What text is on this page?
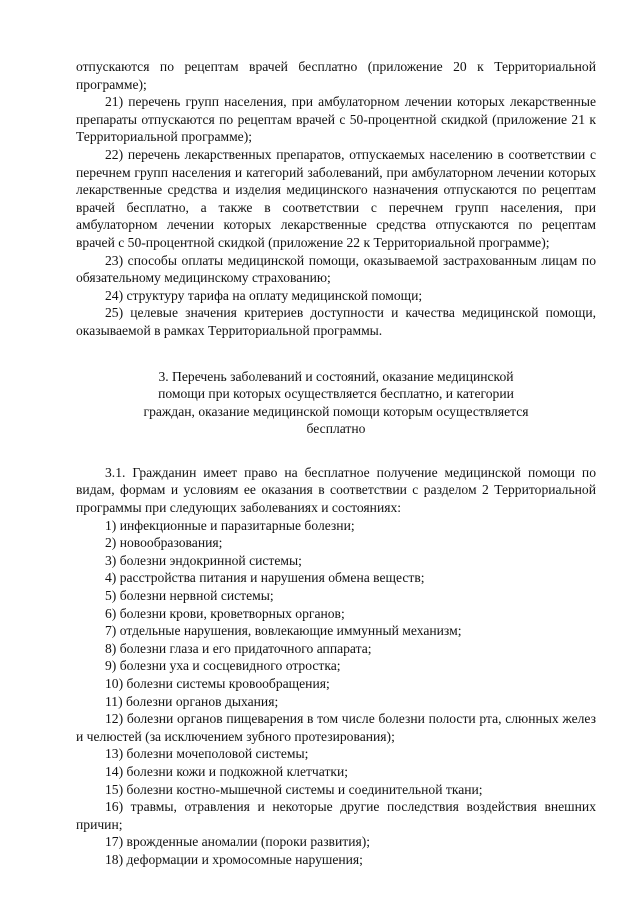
отпускаются по рецептам врачей бесплатно (приложение 20 к Территориальной программе);

21) перечень групп населения, при амбулаторном лечении которых лекарственные препараты отпускаются по рецептам врачей с 50-процентной скидкой (приложение 21 к Территориальной программе);

22) перечень лекарственных препаратов, отпускаемых населению в соответствии с перечнем групп населения и категорий заболеваний, при амбулаторном лечении которых лекарственные средства и изделия медицинского назначения отпускаются по рецептам врачей бесплатно, а также в соответствии с перечнем групп населения, при амбулаторном лечении которых лекарственные средства отпускаются по рецептам врачей с 50-процентной скидкой (приложение 22 к Территориальной программе);

23) способы оплаты медицинской помощи, оказываемой застрахованным лицам по обязательному медицинскому страхованию;

24) структуру тарифа на оплату медицинской помощи;

25) целевые значения критериев доступности и качества медицинской помощи, оказываемой в рамках Территориальной программы.

3. Перечень заболеваний и состояний, оказание медицинской помощи при которых осуществляется бесплатно, и категории граждан, оказание медицинской помощи которым осуществляется бесплатно

3.1. Гражданин имеет право на бесплатное получение медицинской помощи по видам, формам и условиям ее оказания в соответствии с разделом 2 Территориальной программы при следующих заболеваниях и состояниях:

1) инфекционные и паразитарные болезни;

2) новообразования;

3) болезни эндокринной системы;

4) расстройства питания и нарушения обмена веществ;

5) болезни нервной системы;

6) болезни крови, кроветворных органов;

7) отдельные нарушения, вовлекающие иммунный механизм;

8) болезни глаза и его придаточного аппарата;

9) болезни уха и сосцевидного отростка;

10) болезни системы кровообращения;

11) болезни органов дыхания;

12) болезни органов пищеварения в том числе болезни полости рта, слюнных желез и челюстей (за исключением зубного протезирования);

13) болезни мочеполовой системы;

14) болезни кожи и подкожной клетчатки;

15) болезни костно-мышечной системы и соединительной ткани;

16) травмы, отравления и некоторые другие последствия воздействия внешних причин;

17) врожденные аномалии (пороки развития);

18) деформации и хромосомные нарушения;
